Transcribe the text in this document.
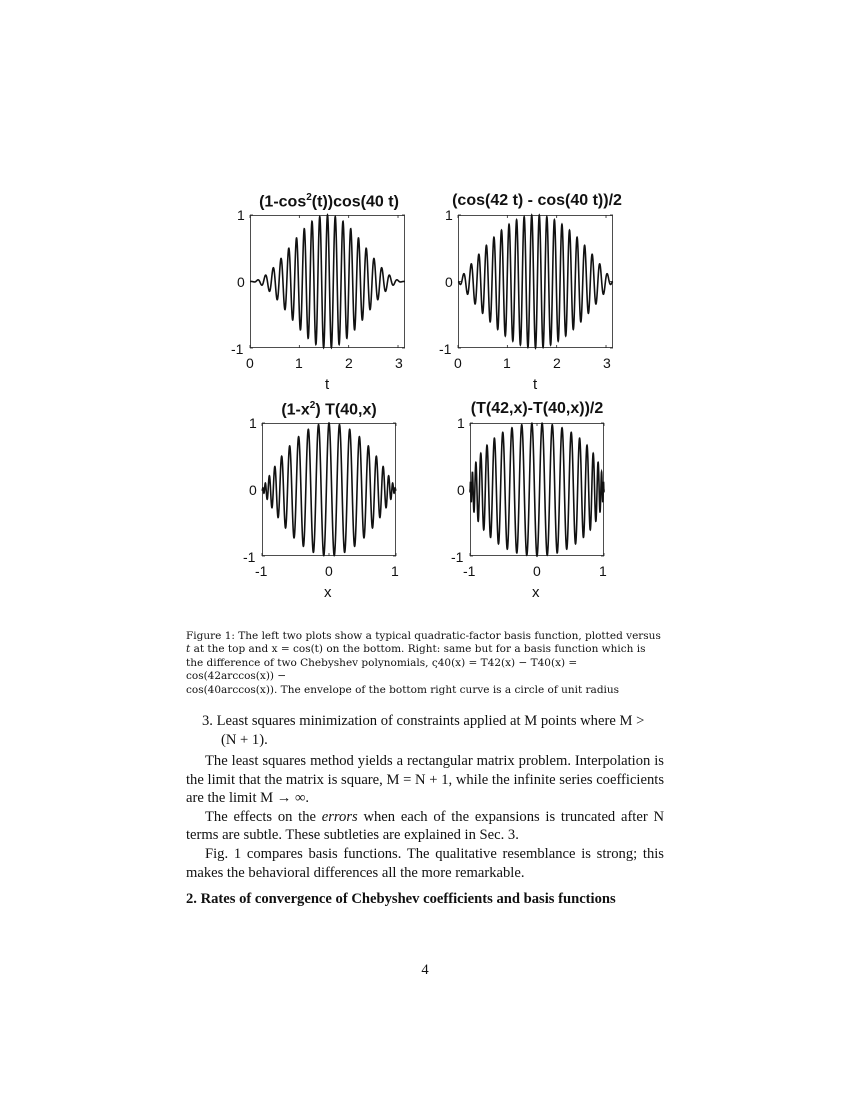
$(1-\cos^2(t))\cos(40$ t)
1
0
-1
0	1	2	3
t
(cos(42 t) - cos(40 t))/2
1
0
-1
0	1	2	3
t
$(1-x^2)$ T(40,x)
1
0
-1
-1	0	1
x
(T(42,x)-T(40,x))/2
1
0
-1
-1	0	1
x
Figure 1: The left two plots show a typical quadratic-factor basis function, plotted versus
t at the top and x = cos(t) on the bottom. Right: same but for a basis function which is
the difference of two Chebyshev polynomials, ς40(x) = T42(x) − T40(x) = cos(42arccos(x)) −
cos(40arccos(x)). The envelope of the bottom right curve is a circle of unit radius
3. Least squares minimization of constraints applied at M points where M >
(N + 1).

The least squares method yields a rectangular matrix problem. Interpolation is the limit that the matrix is square, M = N + 1, while the infinite series coefficients are the limit M → ∞.

The effects on the errors when each of the expansions is truncated after N terms are subtle. These subtleties are explained in Sec. 3.

Fig. 1 compares basis functions. The qualitative resemblance is strong; this makes the behavioral differences all the more remarkable.

2. Rates of convergence of Chebyshev coefficients and basis functions
4
